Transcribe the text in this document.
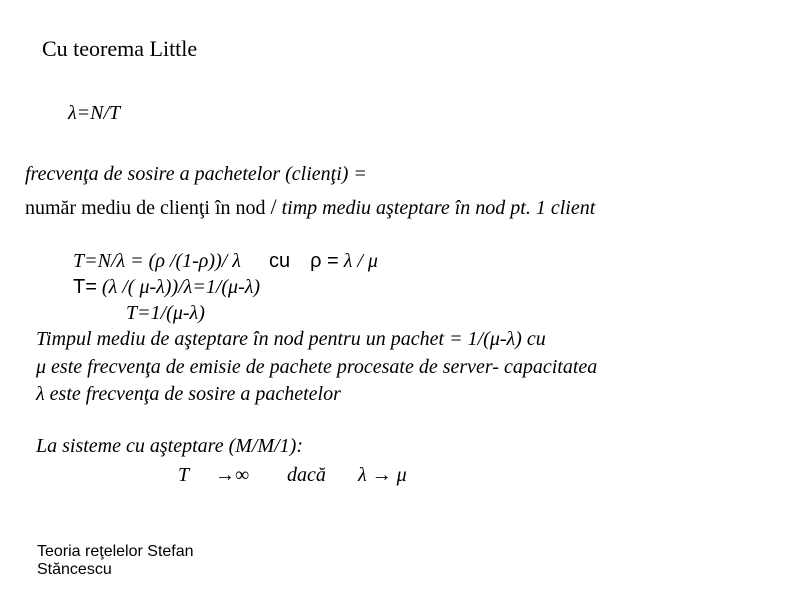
Cu teorema Little
λ=N/T
frecvenţa de sosire a pachetelor (clienţi) =
număr mediu de clienţi în nod / timp mediu aşteptare în nod pt. 1 client
T=N/λ = (ρ /(1-ρ))/ λ cu ρ = λ / μ
T= (λ /( μ-λ))/λ=1/(μ-λ)
T=1/(μ-λ)
Timpul mediu de aşteptare în nod pentru un pachet = 1/(μ-λ) cu
μ este frecvenţa de emisie de pachete procesate de server- capacitatea
λ este frecvenţa de sosire a pachetelor
La sisteme cu aşteptare (M/M/1):
T →∞ dacă λ → μ
Teoria reţelelor Stefan
Stăncescu
